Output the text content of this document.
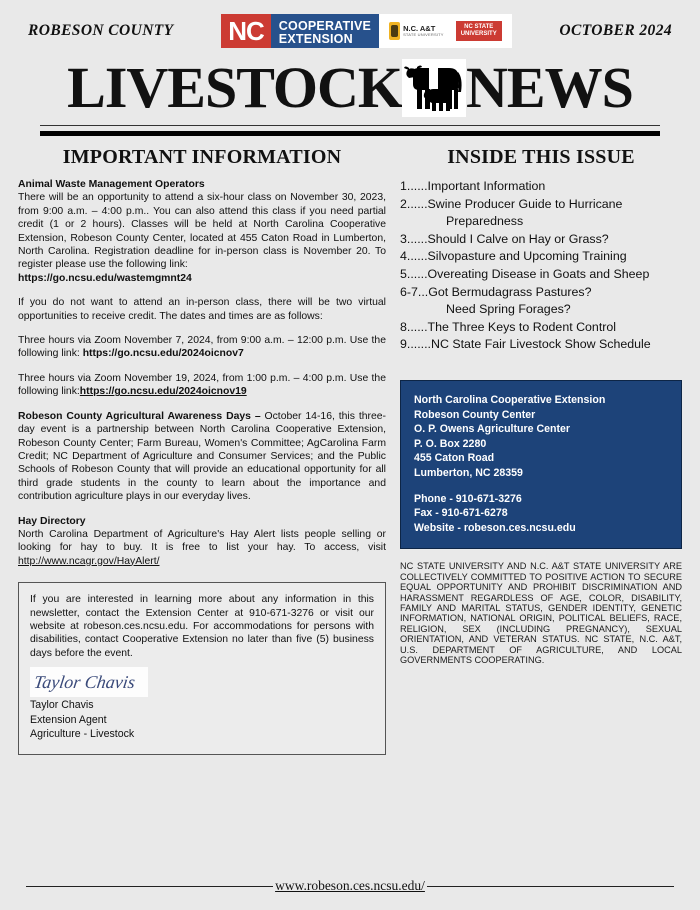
ROBESON COUNTY NC	COOPERATIVE
EXTENSION
N.C. A&T
STATE UNIVERSITY
NC STATE
UNIVERSITY	OCTOBER 2024
LIVESTOCK NEWS
IMPORTANT INFORMATION
Animal Waste Management Operators
There will be an opportunity to attend a six-hour class on November 30, 2023, from 9:00 a.m. – 4:00 p.m.. You can also attend this class if you need partial credit (1 or 2 hours). Classes will be held at North Carolina Cooperative Extension, Robeson County Center, located at 455 Caton Road in Lumberton, North Carolina. Registration deadline for in-person class is November 20. To register please use the following link:
https://go.ncsu.edu/wastemgmnt24
If you do not want to attend an in-person class, there will be two virtual opportunities to receive credit. The dates and times are as follows:
Three hours via Zoom November 7, 2024, from 9:00 a.m. – 12:00 p.m. Use the following link: https://go.ncsu.edu/2024oicnov7
Three hours via Zoom November 19, 2024, from 1:00 p.m. – 4:00 p.m. Use the following link:https://go.ncsu.edu/2024oicnov19
Robeson County Agricultural Awareness Days – October 14-16, this three-day event is a partnership between North Carolina Cooperative Extension, Robeson County Center; Farm Bureau, Women's Committee; AgCarolina Farm Credit; NC Department of Agriculture and Consumer Services; and the Public Schools of Robeson County that will provide an educational opportunity for all third grade students in the county to learn about the importance and contribution agriculture plays in our everyday lives.
Hay Directory
North Carolina Department of Agriculture's Hay Alert lists people selling or looking for hay to buy. It is free to list your hay. To access, visit http://www.ncagr.gov/HayAlert/
If you are interested in learning more about any information in this newsletter, contact the Extension Center at 910-671-3276 or visit our website at robeson.ces.ncsu.edu. For accommodations for persons with disabilities, contact Cooperative Extension no later than five (5) business days before the event.
Taylor Chavis
Taylor Chavis
Extension Agent
Agriculture - Livestock
INSIDE THIS ISSUE
1......Important Information
2......Swine Producer Guide to Hurricane
Preparedness
3......Should I Calve on Hay or Grass?
4......Silvopasture and Upcoming Training
5......Overeating Disease in Goats and Sheep
6-7...Got Bermudagrass Pastures?
Need Spring Forages?
8......The Three Keys to Rodent Control
9.......NC State Fair Livestock Show Schedule
North Carolina Cooperative Extension
Robeson County Center
O. P. Owens Agriculture Center
P. O. Box 2280
455 Caton Road
Lumberton, NC 28359
Phone - 910-671-3276
Fax - 910-671-6278
Website - robeson.ces.ncsu.edu
NC STATE UNIVERSITY AND N.C. A&T STATE UNIVERSITY ARE COLLECTIVELY COMMITTED TO POSITIVE ACTION TO SECURE EQUAL OPPORTUNITY AND PROHIBIT DISCRIMINATION AND HARASSMENT REGARDLESS OF AGE, COLOR, DISABILITY, FAMILY AND MARITAL STATUS, GENDER IDENTITY, GENETIC INFORMATION, NATIONAL ORIGIN, POLITICAL BELIEFS, RACE, RELIGION, SEX (INCLUDING PREGNANCY), SEXUAL ORIENTATION, AND VETERAN STATUS. NC STATE, N.C. A&T, U.S. DEPARTMENT OF AGRICULTURE, AND LOCAL GOVERNMENTS COOPERATING.
www.robeson.ces.ncsu.edu/
